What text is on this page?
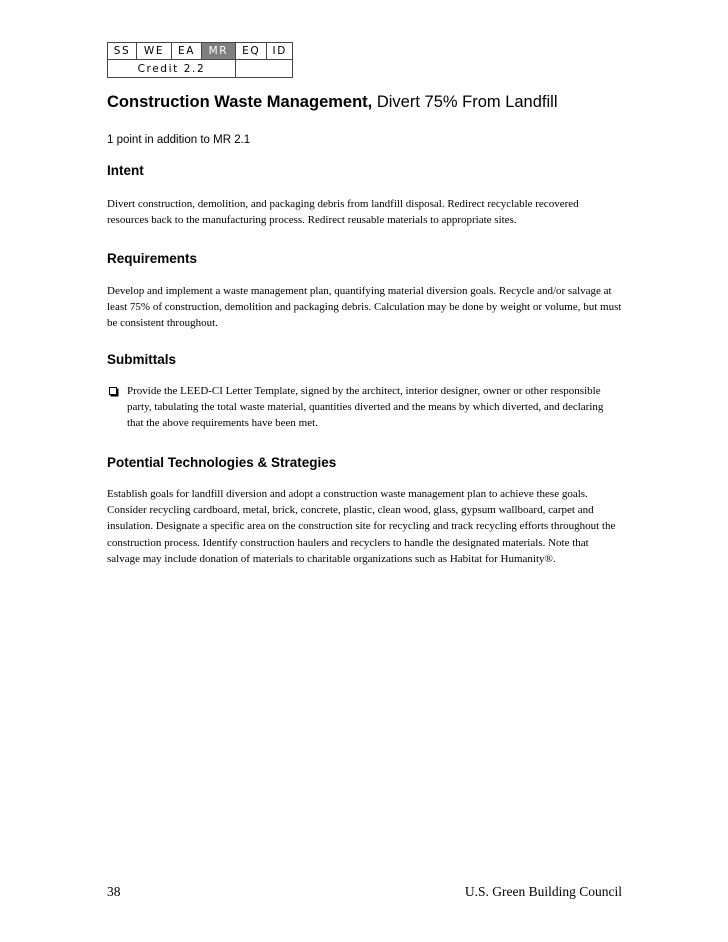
SS	WE	EA	MR	EQ	ID
Credit 2.2					
Construction Waste Management, Divert 75% From Landfill

1 point in addition to MR 2.1

Intent

Divert construction, demolition, and packaging debris from landfill disposal. Redirect recyclable recovered resources back to the manufacturing process. Redirect reusable materials to appropriate sites.

Requirements

Develop and implement a waste management plan, quantifying material diversion goals. Recycle and/or salvage at least 75% of construction, demolition and packaging debris. Calculation may be done by weight or volume, but must be consistent throughout.

Submittals
Provide the LEED-CI Letter Template, signed by the architect, interior designer, owner or other responsible party, tabulating the total waste material, quantities diverted and the means by which diverted, and declaring that the above requirements have been met.
Potential Technologies & Strategies

Establish goals for landfill diversion and adopt a construction waste management plan to achieve these goals. Consider recycling cardboard, metal, brick, concrete, plastic, clean wood, glass, gypsum wallboard, carpet and insulation. Designate a specific area on the construction site for recycling and track recycling efforts throughout the construction process. Identify construction haulers and recyclers to handle the designated materials. Note that salvage may include donation of materials to charitable organizations such as Habitat for Humanity®.

38	U.S. Green Building Council
